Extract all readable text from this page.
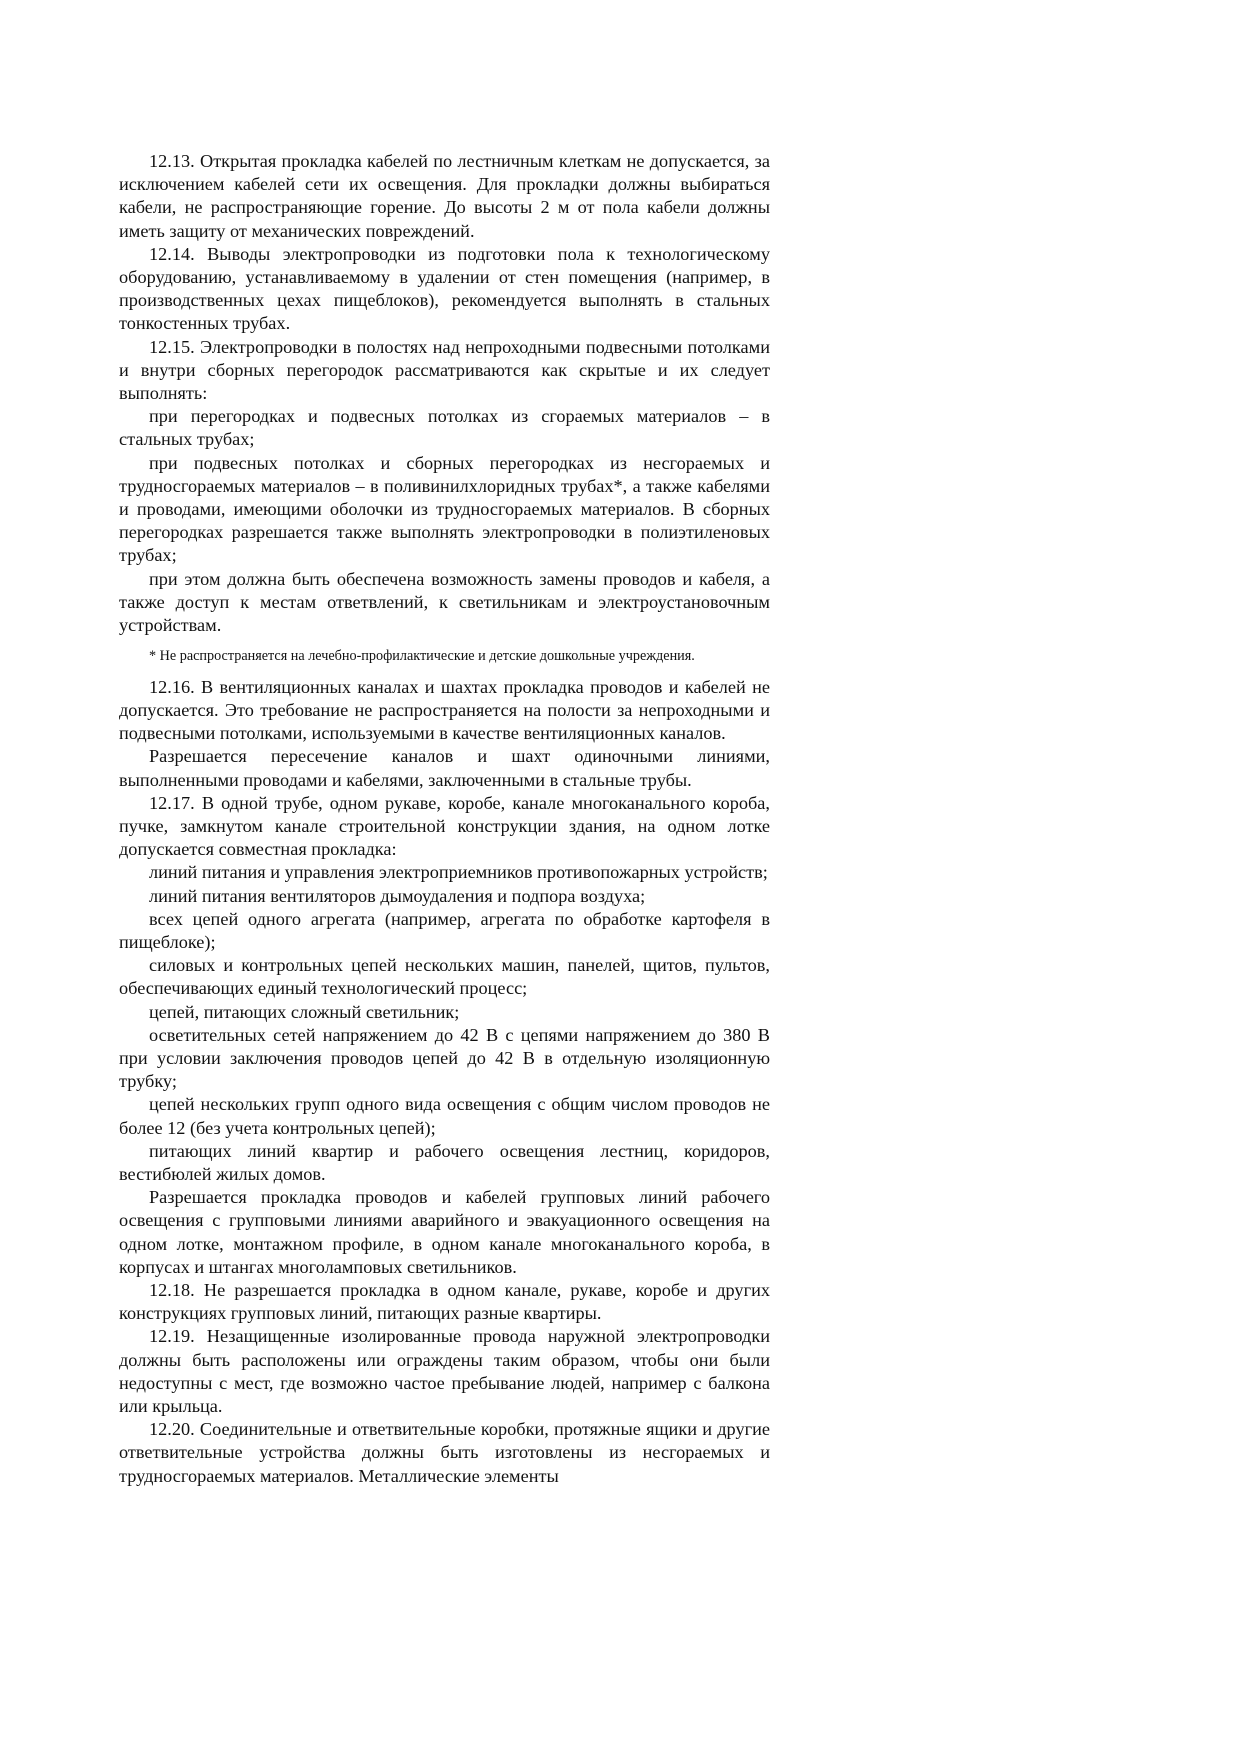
12.13. Открытая прокладка кабелей по лестничным клеткам не допускается, за исключением кабелей сети их освещения. Для прокладки должны выбираться кабели, не распространяющие горение. До высоты 2 м от пола кабели должны иметь защиту от механических повреждений.

12.14. Выводы электропроводки из подготовки пола к технологическому оборудованию, устанавливаемому в удалении от стен помещения (например, в производственных цехах пищеблоков), рекомендуется выполнять в стальных тонкостенных трубах.

12.15. Электропроводки в полостях над непроходными подвесными потолками и внутри сборных перегородок рассматриваются как скрытые и их следует выполнять:

при перегородках и подвесных потолках из сгораемых материалов – в стальных трубах;

при подвесных потолках и сборных перегородках из несгораемых и трудносгораемых материалов – в поливинилхлоридных трубах*, а также кабелями и проводами, имеющими оболочки из трудносгораемых материалов. В сборных перегородках разрешается также выполнять электропроводки в полиэтиленовых трубах;

при этом должна быть обеспечена возможность замены проводов и кабеля, а также доступ к местам ответвлений, к светильникам и электроустановочным устройствам.

* Не распространяется на лечебно-профилактические и детские дошкольные учреждения.

12.16. В вентиляционных каналах и шахтах прокладка проводов и кабелей не допускается. Это требование не распространяется на полости за непроходными и подвесными потолками, используемыми в качестве вентиляционных каналов.

Разрешается пересечение каналов и шахт одиночными линиями, выполненными проводами и кабелями, заключенными в стальные трубы.

12.17. В одной трубе, одном рукаве, коробе, канале многоканального короба, пучке, замкнутом канале строительной конструкции здания, на одном лотке допускается совместная прокладка:

линий питания и управления электроприемников противопожарных устройств;

линий питания вентиляторов дымоудаления и подпора воздуха;

всех цепей одного агрегата (например, агрегата по обработке картофеля в пищеблоке);

силовых и контрольных цепей нескольких машин, панелей, щитов, пультов, обеспечивающих единый технологический процесс;

цепей, питающих сложный светильник;

осветительных сетей напряжением до 42 В с цепями напряжением до 380 В при условии заключения проводов цепей до 42 В в отдельную изоляционную трубку;

цепей нескольких групп одного вида освещения с общим числом проводов не более 12 (без учета контрольных цепей);

питающих линий квартир и рабочего освещения лестниц, коридоров, вестибюлей жилых домов.

Разрешается прокладка проводов и кабелей групповых линий рабочего освещения с групповыми линиями аварийного и эвакуационного освещения на одном лотке, монтажном профиле, в одном канале многоканального короба, в корпусах и штангах многоламповых светильников.

12.18. Не разрешается прокладка в одном канале, рукаве, коробе и других конструкциях групповых линий, питающих разные квартиры.

12.19. Незащищенные изолированные провода наружной электропроводки должны быть расположены или ограждены таким образом, чтобы они были недоступны с мест, где возможно частое пребывание людей, например с балкона или крыльца.

12.20. Соединительные и ответвительные коробки, протяжные ящики и другие ответвительные устройства должны быть изготовлены из несгораемых и трудносгораемых материалов. Металлические элементы
